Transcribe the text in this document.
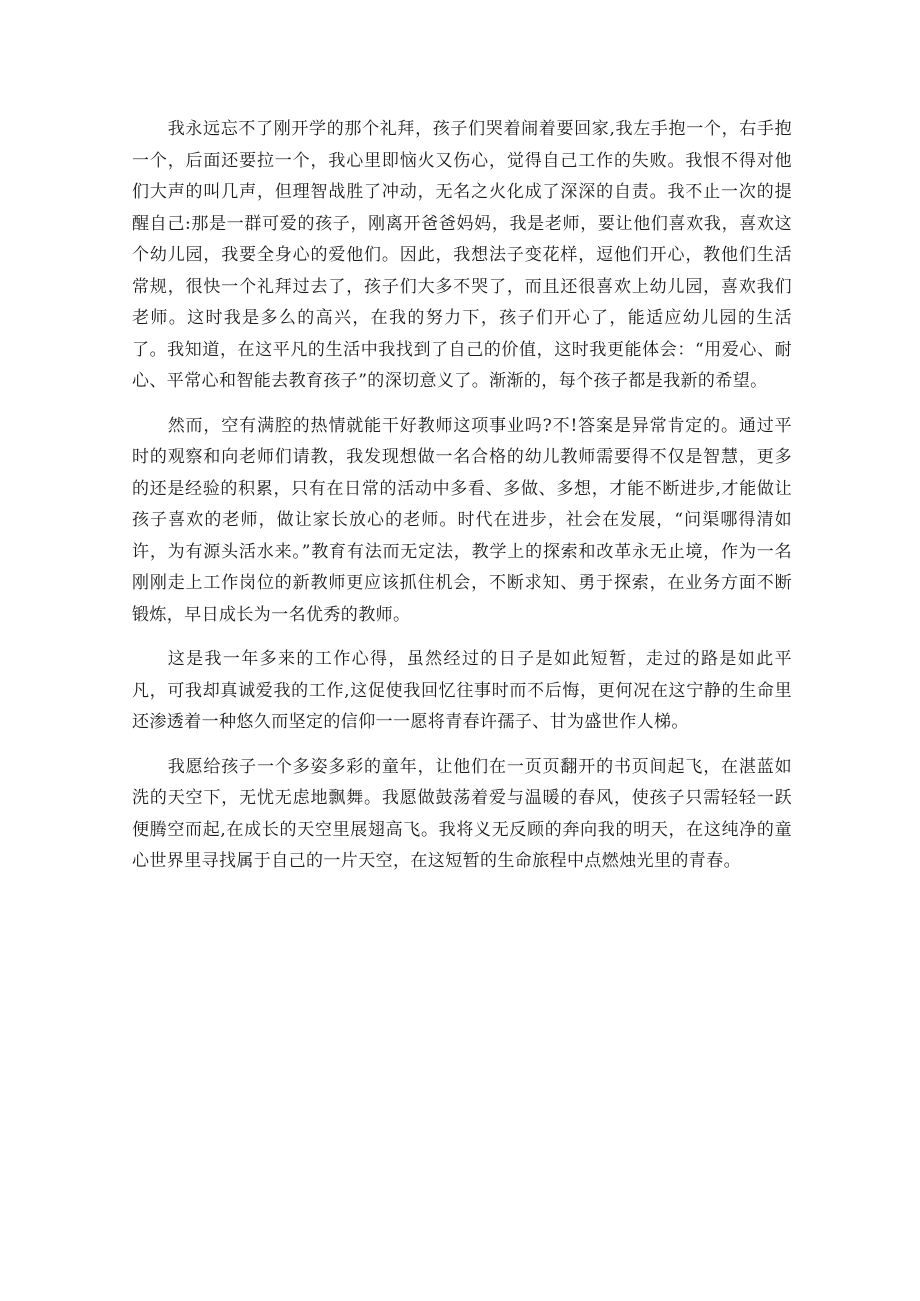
我永远忘不了刚开学的那个礼拜，孩子们哭着闹着要回家,我左手抱一个，右手抱一个，后面还要拉一个，我心里即恼火又伤心，觉得自己工作的失败。我恨不得对他们大声的叫几声，但理智战胜了冲动，无名之火化成了深深的自责。我不止一次的提醒自己:那是一群可爱的孩子，刚离开爸爸妈妈，我是老师，要让他们喜欢我，喜欢这个幼儿园，我要全身心的爱他们。因此，我想法子变花样，逗他们开心，教他们生活常规，很快一个礼拜过去了，孩子们大多不哭了，而且还很喜欢上幼儿园，喜欢我们老师。这时我是多么的高兴，在我的努力下，孩子们开心了，能适应幼儿园的生活了。我知道，在这平凡的生活中我找到了自己的价值，这时我更能体会：“用爱心、耐心、平常心和智能去教育孩子”的深切意义了。渐渐的，每个孩子都是我新的希望。

然而，空有满腔的热情就能干好教师这项事业吗?不!答案是异常肯定的。通过平时的观察和向老师们请教，我发现想做一名合格的幼儿教师需要得不仅是智慧，更多的还是经验的积累，只有在日常的活动中多看、多做、多想，才能不断进步,才能做让孩子喜欢的老师，做让家长放心的老师。时代在进步，社会在发展，“问渠哪得清如许，为有源头活水来。”教育有法而无定法，教学上的探索和改革永无止境，作为一名刚刚走上工作岗位的新教师更应该抓住机会，不断求知、勇于探索，在业务方面不断锻炼，早日成长为一名优秀的教师。

这是我一年多来的工作心得，虽然经过的日子是如此短暂，走过的路是如此平凡，可我却真诚爱我的工作,这促使我回忆往事时而不后悔，更何况在这宁静的生命里还渗透着一种悠久而坚定的信仰一一愿将青春许孺子、甘为盛世作人梯。

我愿给孩子一个多姿多彩的童年，让他们在一页页翻开的书页间起飞，在湛蓝如洗的天空下，无忧无虑地飘舞。我愿做鼓荡着爱与温暖的春风，使孩子只需轻轻一跃便腾空而起,在成长的天空里展翅高飞。我将义无反顾的奔向我的明天，在这纯净的童心世界里寻找属于自己的一片天空，在这短暂的生命旅程中点燃烛光里的青春。
